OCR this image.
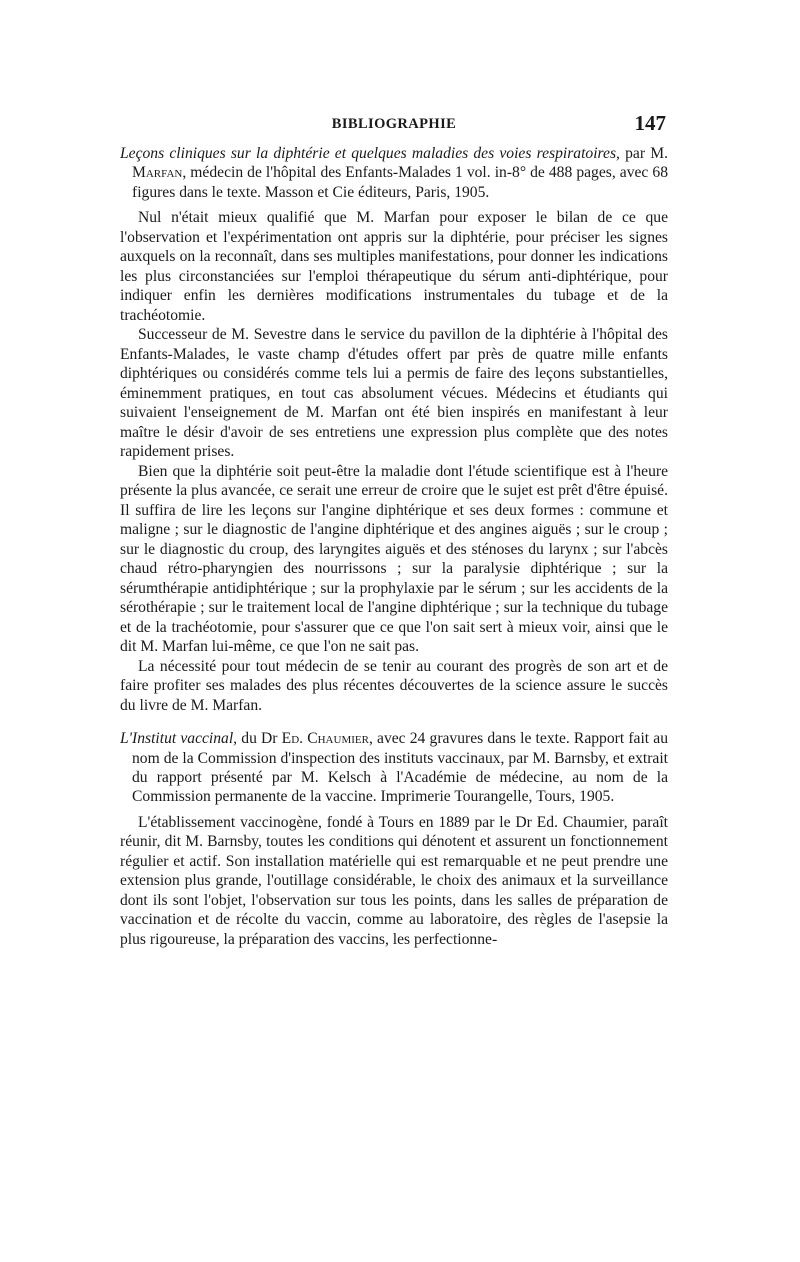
BIBLIOGRAPHIE	147

Leçons cliniques sur la diphtérie et quelques maladies des voies respiratoires, par M. Marfan, médecin de l'hôpital des Enfants-Malades 1 vol. in-8° de 488 pages, avec 68 figures dans le texte. Masson et Cie éditeurs, Paris, 1905.

Nul n'était mieux qualifié que M. Marfan pour exposer le bilan de ce que l'observation et l'expérimentation ont appris sur la diphtérie, pour préciser les signes auxquels on la reconnaît, dans ses multiples manifestations, pour donner les indications les plus circonstanciées sur l'emploi thérapeutique du sérum anti-diphtérique, pour indiquer enfin les dernières modifications instrumentales du tubage et de la trachéotomie.

Successeur de M. Sevestre dans le service du pavillon de la diphtérie à l'hôpital des Enfants-Malades, le vaste champ d'études offert par près de quatre mille enfants diphtériques ou considérés comme tels lui a permis de faire des leçons substantielles, éminemment pratiques, en tout cas absolument vécues. Médecins et étudiants qui suivaient l'enseignement de M. Marfan ont été bien inspirés en manifestant à leur maître le désir d'avoir de ses entretiens une expression plus complète que des notes rapidement prises.

Bien que la diphtérie soit peut-être la maladie dont l'étude scientifique est à l'heure présente la plus avancée, ce serait une erreur de croire que le sujet est prêt d'être épuisé. Il suffira de lire les leçons sur l'angine diphtérique et ses deux formes : commune et maligne ; sur le diagnostic de l'angine diphtérique et des angines aiguës ; sur le croup ; sur le diagnostic du croup, des laryngites aiguës et des sténoses du larynx ; sur l'abcès chaud rétro-pharyngien des nourrissons ; sur la paralysie diphtérique ; sur la sérumthérapie antidiphtérique ; sur la prophylaxie par le sérum ; sur les accidents de la sérothérapie ; sur le traitement local de l'angine diphtérique ; sur la technique du tubage et de la trachéotomie, pour s'assurer que ce que l'on sait sert à mieux voir, ainsi que le dit M. Marfan lui-même, ce que l'on ne sait pas.

La nécessité pour tout médecin de se tenir au courant des progrès de son art et de faire profiter ses malades des plus récentes découvertes de la science assure le succès du livre de M. Marfan.

L'Institut vaccinal, du Dr Ed. Chaumier, avec 24 gravures dans le texte. Rapport fait au nom de la Commission d'inspection des instituts vaccinaux, par M. Barnsby, et extrait du rapport présenté par M. Kelsch à l'Académie de médecine, au nom de la Commission permanente de la vaccine. Imprimerie Tourangelle, Tours, 1905.

L'établissement vaccinogène, fondé à Tours en 1889 par le Dr Ed. Chaumier, paraît réunir, dit M. Barnsby, toutes les conditions qui dénotent et assurent un fonctionnement régulier et actif. Son installation matérielle qui est remarquable et ne peut prendre une extension plus grande, l'outillage considérable, le choix des animaux et la surveillance dont ils sont l'objet, l'observation sur tous les points, dans les salles de préparation de vaccination et de récolte du vaccin, comme au laboratoire, des règles de l'asepsie la plus rigoureuse, la préparation des vaccins, les perfectionne-
